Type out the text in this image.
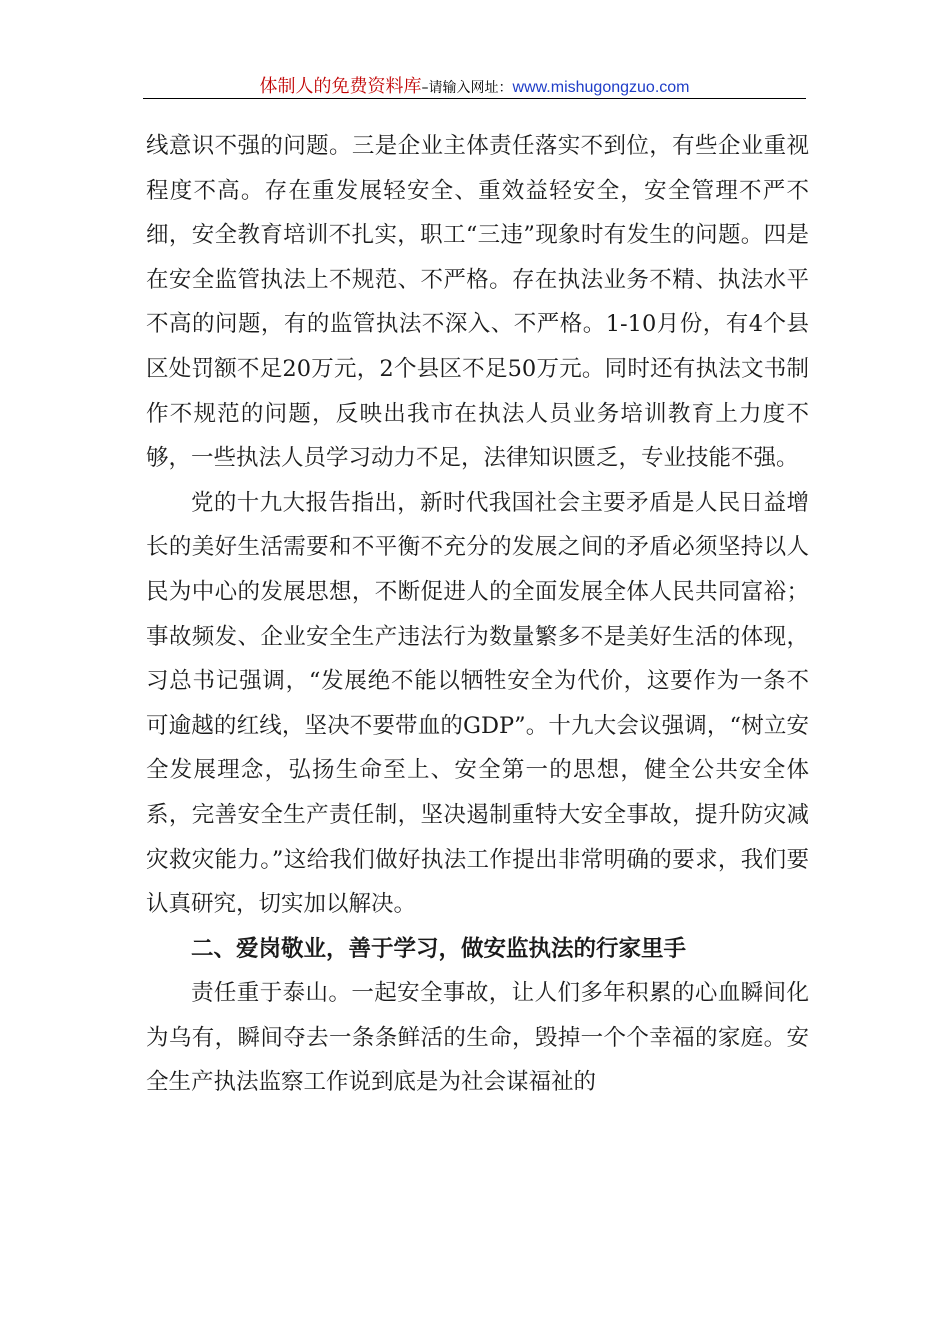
体制人的免费资料库–请输入网址：www.mishugongzuo.com

线意识不强的问题。三是企业主体责任落实不到位，有些企业重视程度不高。存在重发展轻安全、重效益轻安全，安全管理不严不细，安全教育培训不扎实，职工“三违”现象时有发生的问题。四是在安全监管执法上不规范、不严格。存在执法业务不精、执法水平不高的问题，有的监管执法不深入、不严格。1-10月份，有4个县区处罚额不足20万元，2个县区不足50万元。同时还有执法文书制作不规范的问题，反映出我市在执法人员业务培训教育上力度不够，一些执法人员学习动力不足，法律知识匮乏，专业技能不强。

党的十九大报告指出，新时代我国社会主要矛盾是人民日益增长的美好生活需要和不平衡不充分的发展之间的矛盾必须坚持以人民为中心的发展思想，不断促进人的全面发展全体人民共同富裕；事故频发、企业安全生产违法行为数量繁多不是美好生活的体现，习总书记强调，“发展绝不能以牺牲安全为代价，这要作为一条不可逾越的红线，坚决不要带血的GDP”。十九大会议强调，“树立安全发展理念，弘扬生命至上、安全第一的思想，健全公共安全体系，完善安全生产责任制，坚决遏制重特大安全事故，提升防灾减灾救灾能力。”这给我们做好执法工作提出非常明确的要求，我们要认真研究，切实加以解决。

二、爱岗敬业，善于学习，做安监执法的行家里手

责任重于泰山。一起安全事故，让人们多年积累的心血瞬间化为乌有，瞬间夺去一条条鲜活的生命，毁掉一个个幸福的家庭。安全生产执法监察工作说到底是为社会谋福祉的
